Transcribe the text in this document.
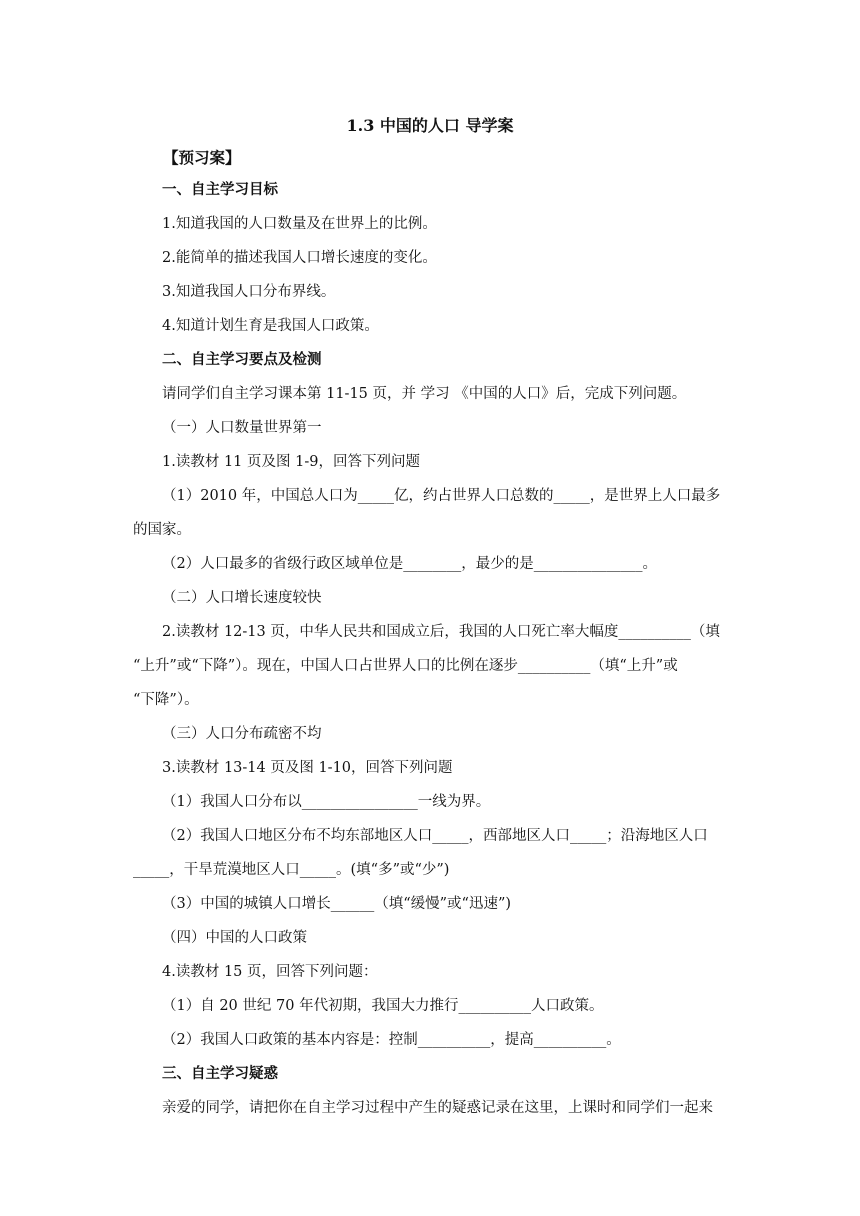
1.3 中国的人口 导学案
【预习案】
一、自主学习目标
1.知道我国的人口数量及在世界上的比例。
2.能简单的描述我国人口增长速度的变化。
3.知道我国人口分布界线。
4.知道计划生育是我国人口政策。
二、自主学习要点及检测
请同学们自主学习课本第 11-15 页，并 学习 《中国的人口》后，完成下列问题。
（一）人口数量世界第一
1.读教材 11 页及图 1-9，回答下列问题
（1）2010 年，中国总人口为_____亿，约占世界人口总数的_____，是世界上人口最多
的国家。
（2）人口最多的省级行政区域单位是________，最少的是_______________。
（二）人口增长速度较快
2.读教材 12-13 页，中华人民共和国成立后，我国的人口死亡率大幅度__________（填
“上升”或“下降”）。现在，中国人口占世界人口的比例在逐步__________（填“上升”或
“下降”）。
（三）人口分布疏密不均
3.读教材 13-14 页及图 1-10，回答下列问题
（1）我国人口分布以________________一线为界。
（2）我国人口地区分布不均东部地区人口_____，西部地区人口_____；沿海地区人口
_____，干旱荒漠地区人口_____。(填“多”或“少”)
（3）中国的城镇人口增长______（填“缓慢”或“迅速”)
（四）中国的人口政策
4.读教材 15 页，回答下列问题：
（1）自 20 世纪 70 年代初期，我国大力推行__________人口政策。
（2）我国人口政策的基本内容是：控制__________，提高__________。
三、自主学习疑惑
亲爱的同学，请把你在自主学习过程中产生的疑惑记录在这里，上课时和同学们一起来
